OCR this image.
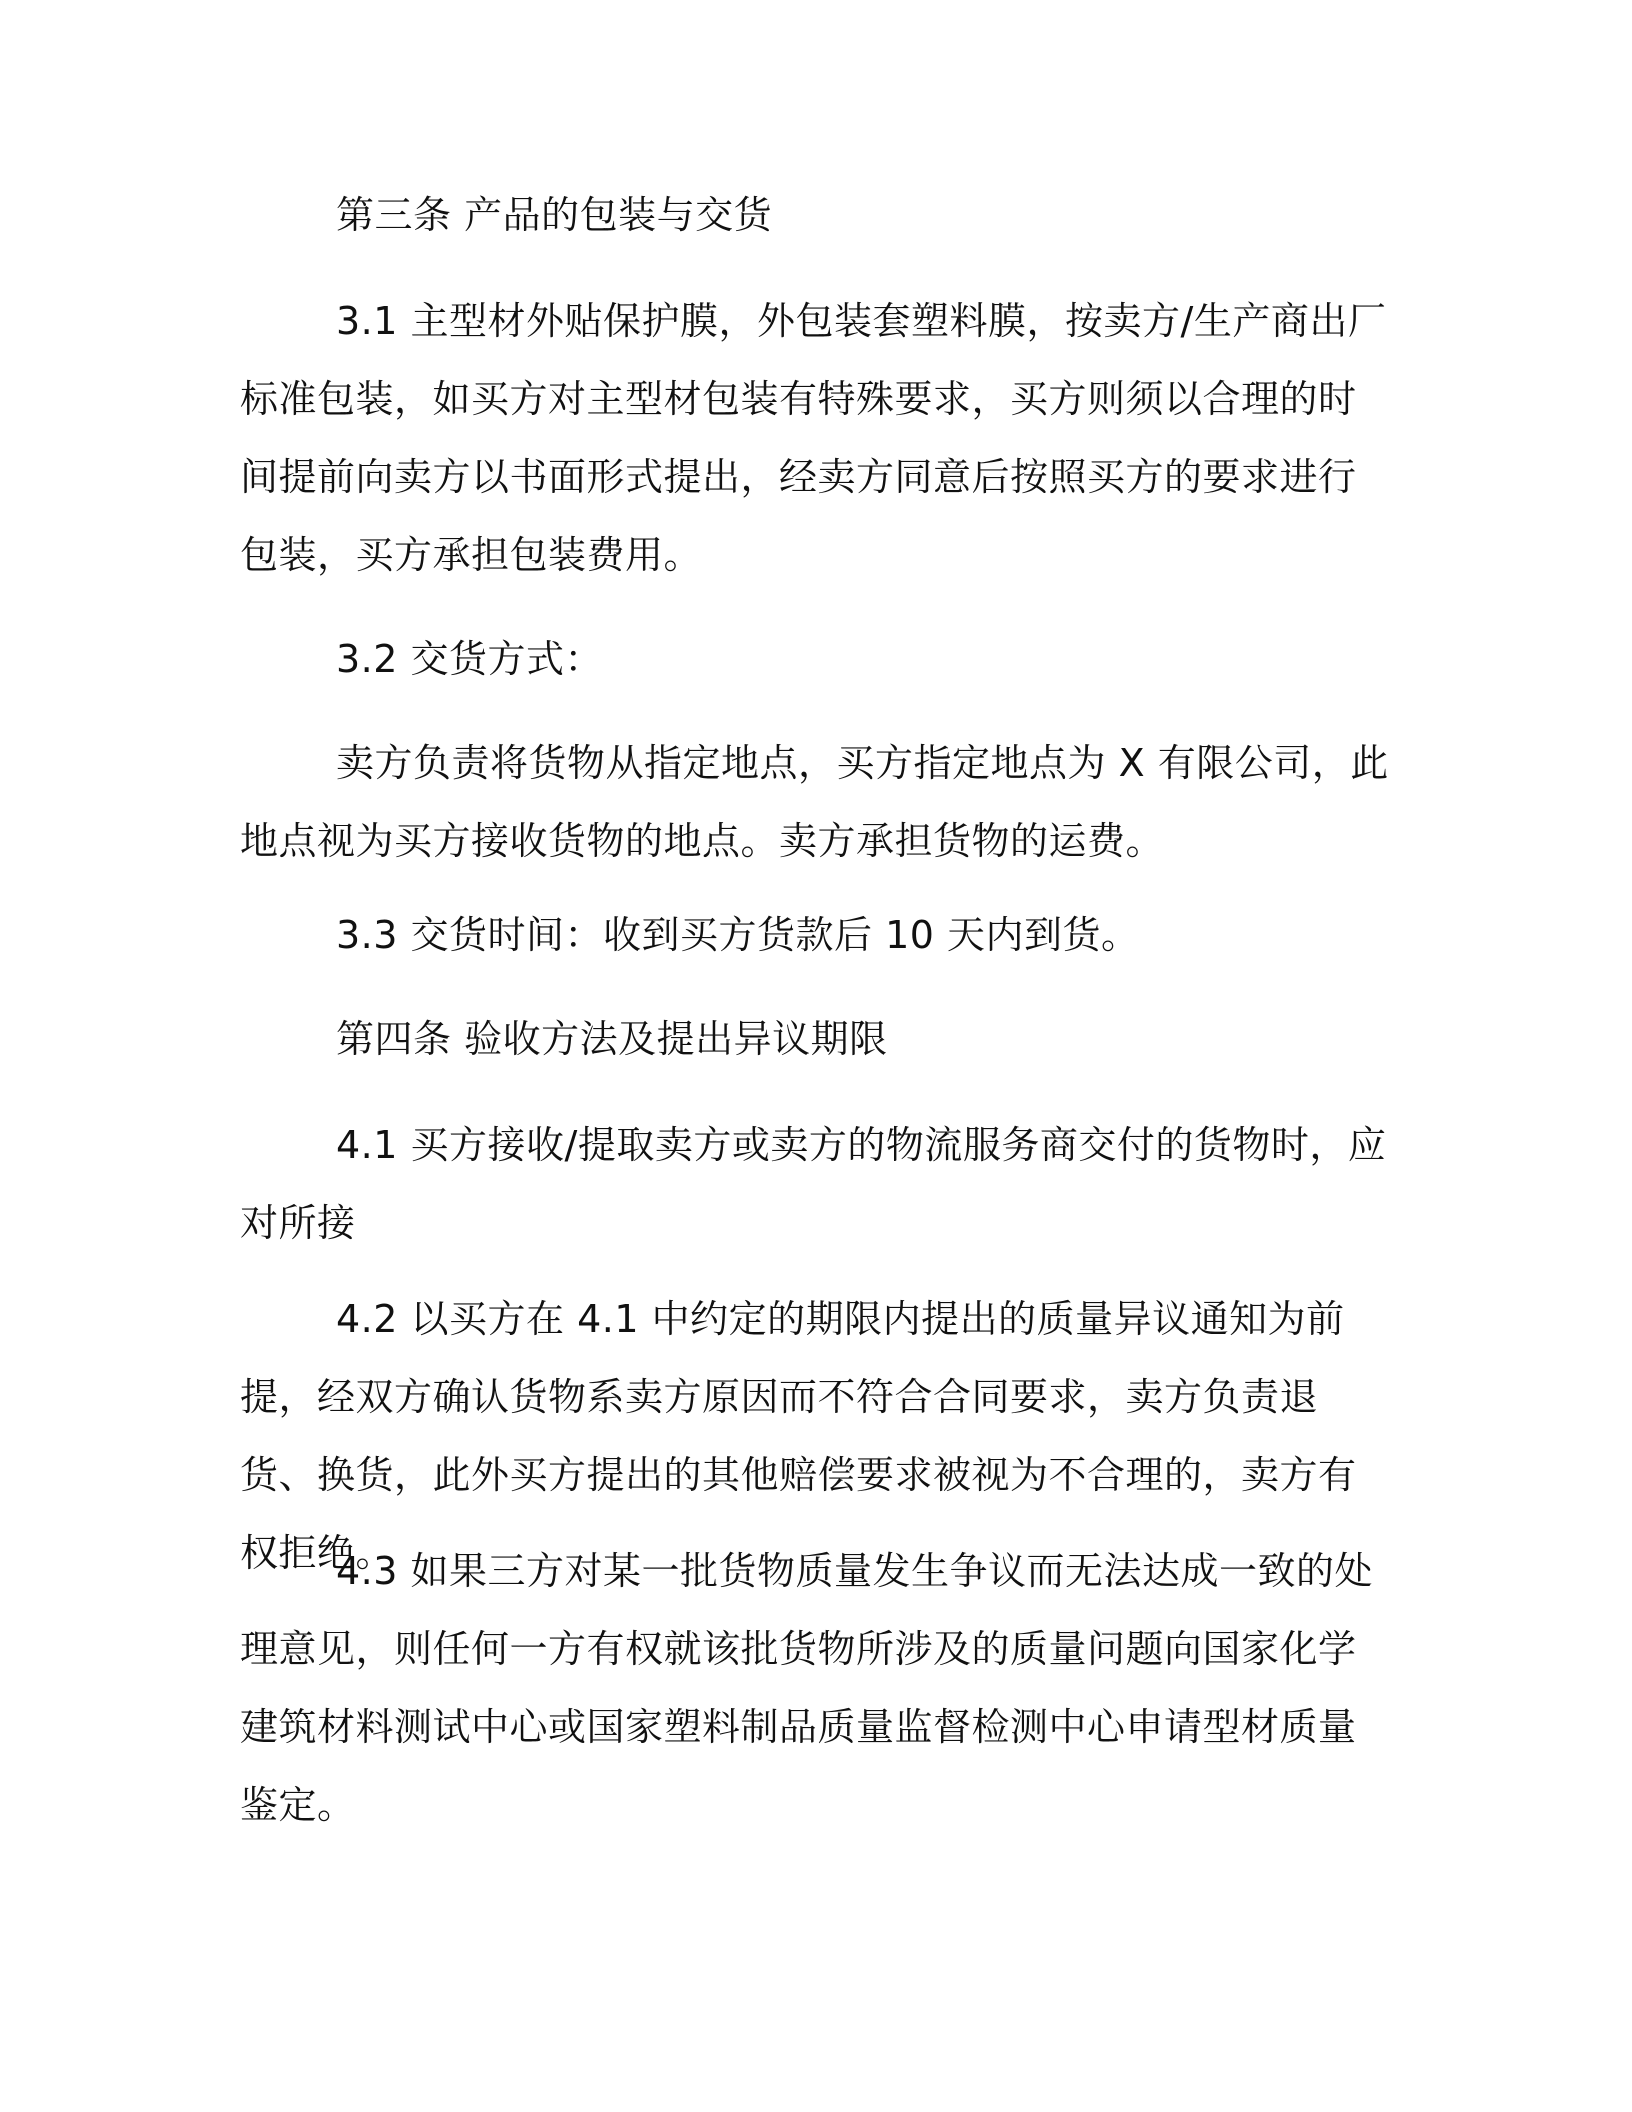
第三条 产品的包装与交货

3.1 主型材外贴保护膜，外包装套塑料膜，按卖方/生产商出厂标准包装，如买方对主型材包装有特殊要求，买方则须以合理的时间提前向卖方以书面形式提出，经卖方同意后按照买方的要求进行包装，买方承担包装费用。

3.2 交货方式：

卖方负责将货物从指定地点，买方指定地点为 X 有限公司，此地点视为买方接收货物的地点。卖方承担货物的运费。

3.3 交货时间：收到买方货款后 10 天内到货。

第四条 验收方法及提出异议期限

4.1 买方接收/提取卖方或卖方的物流服务商交付的货物时，应对所接

4.2 以买方在 4.1 中约定的期限内提出的质量异议通知为前提，经双方确认货物系卖方原因而不符合合同要求，卖方负责退货、换货，此外买方提出的其他赔偿要求被视为不合理的，卖方有权拒绝。

4.3 如果三方对某一批货物质量发生争议而无法达成一致的处理意见，则任何一方有权就该批货物所涉及的质量问题向国家化学建筑材料测试中心或国家塑料制品质量监督检测中心申请型材质量鉴定。
